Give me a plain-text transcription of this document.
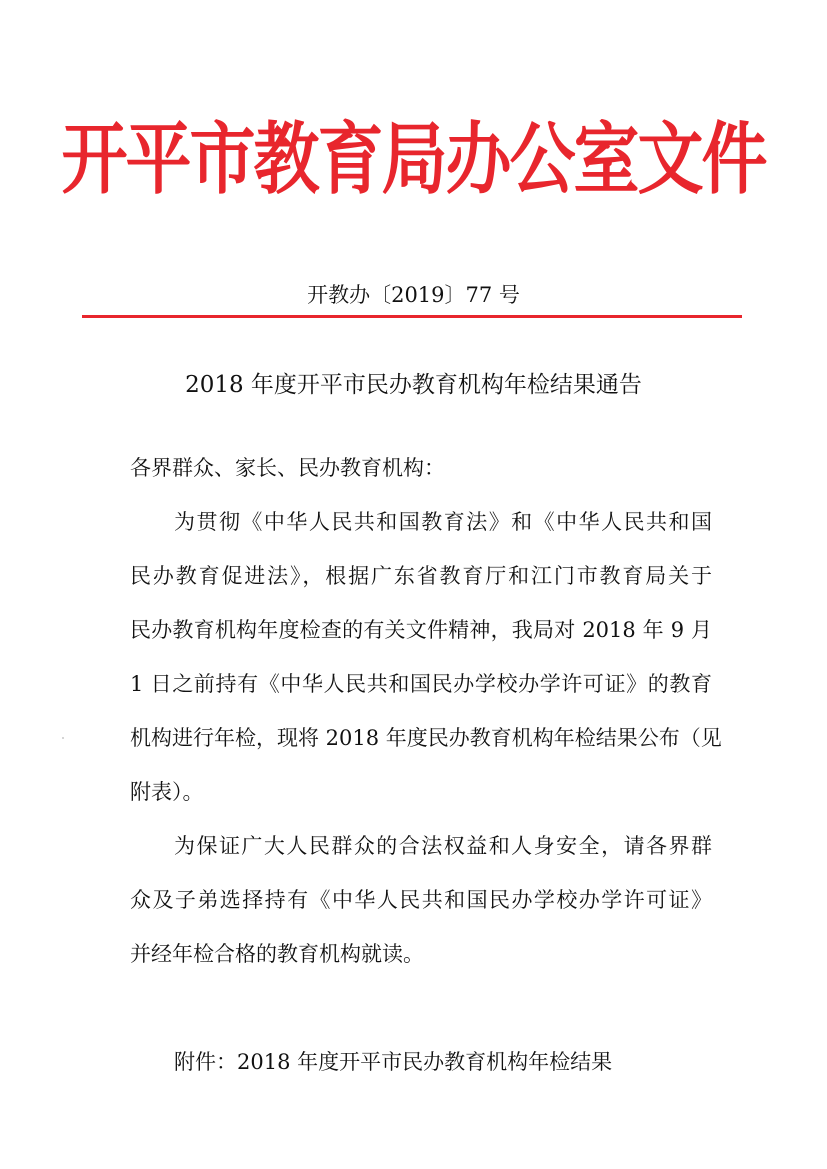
开平市教育局办公室文件
开教办〔2019〕77 号
2018 年度开平市民办教育机构年检结果通告
各界群众、家长、民办教育机构：
为贯彻《中华人民共和国教育法》和《中华人民共和国
民办教育促进法》，根据广东省教育厅和江门市教育局关于
民办教育机构年度检查的有关文件精神，我局对 2018 年 9 月
1 日之前持有《中华人民共和国民办学校办学许可证》的教育
机构进行年检，现将 2018 年度民办教育机构年检结果公布（见
附表）。
为保证广大人民群众的合法权益和人身安全，请各界群
众及子弟选择持有《中华人民共和国民办学校办学许可证》
并经年检合格的教育机构就读。
附件：2018 年度开平市民办教育机构年检结果
